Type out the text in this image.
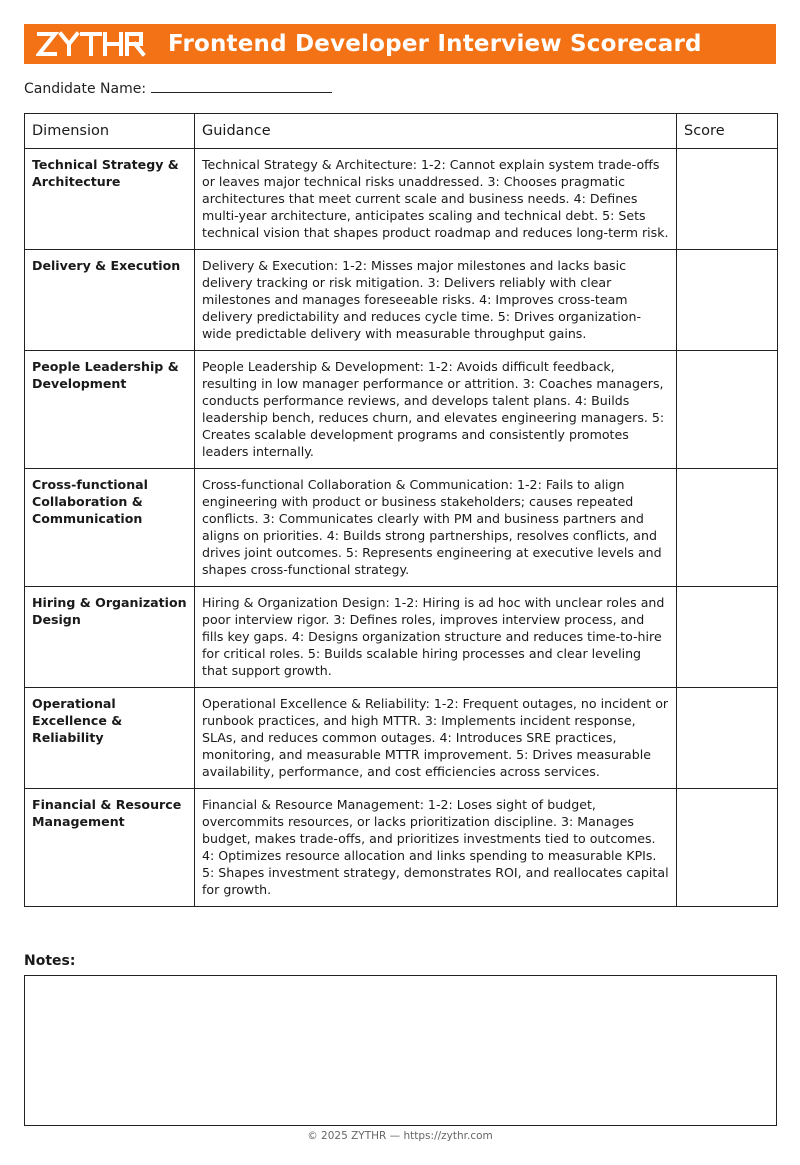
Frontend Developer Interview Scorecard
Candidate Name:
Dimension	Guidance	Score
Technical Strategy & Architecture	Technical Strategy & Architecture: 1-2: Cannot explain system trade-offs or leaves major technical risks unaddressed. 3: Chooses pragmatic architectures that meet current scale and business needs. 4: Defines multi-year architecture, anticipates scaling and technical debt. 5: Sets technical vision that shapes product roadmap and reduces long-term risk.	
Delivery & Execution	Delivery & Execution: 1-2: Misses major milestones and lacks basic delivery tracking or risk mitigation. 3: Delivers reliably with clear milestones and manages foreseeable risks. 4: Improves cross-team delivery predictability and reduces cycle time. 5: Drives organization-wide predictable delivery with measurable throughput gains.	
People Leadership & Development	People Leadership & Development: 1-2: Avoids difficult feedback, resulting in low manager performance or attrition. 3: Coaches managers, conducts performance reviews, and develops talent plans. 4: Builds leadership bench, reduces churn, and elevates engineering managers. 5: Creates scalable development programs and consistently promotes leaders internally.	
Cross-functional Collaboration & Communication	Cross-functional Collaboration & Communication: 1-2: Fails to align engineering with product or business stakeholders; causes repeated conflicts. 3: Communicates clearly with PM and business partners and aligns on priorities. 4: Builds strong partnerships, resolves conflicts, and drives joint outcomes. 5: Represents engineering at executive levels and shapes cross-functional strategy.	
Hiring & Organization Design	Hiring & Organization Design: 1-2: Hiring is ad hoc with unclear roles and poor interview rigor. 3: Defines roles, improves interview process, and fills key gaps. 4: Designs organization structure and reduces time-to-hire for critical roles. 5: Builds scalable hiring processes and clear leveling that support growth.	
Operational Excellence & Reliability	Operational Excellence & Reliability: 1-2: Frequent outages, no incident or runbook practices, and high MTTR. 3: Implements incident response, SLAs, and reduces common outages. 4: Introduces SRE practices, monitoring, and measurable MTTR improvement. 5: Drives measurable availability, performance, and cost efficiencies across services.	
Financial & Resource Management	Financial & Resource Management: 1-2: Loses sight of budget, overcommits resources, or lacks prioritization discipline. 3: Manages budget, makes trade-offs, and prioritizes investments tied to outcomes. 4: Optimizes resource allocation and links spending to measurable KPIs. 5: Shapes investment strategy, demonstrates ROI, and reallocates capital for growth.	
Notes:
© 2025 ZYTHR — https://zythr.com
